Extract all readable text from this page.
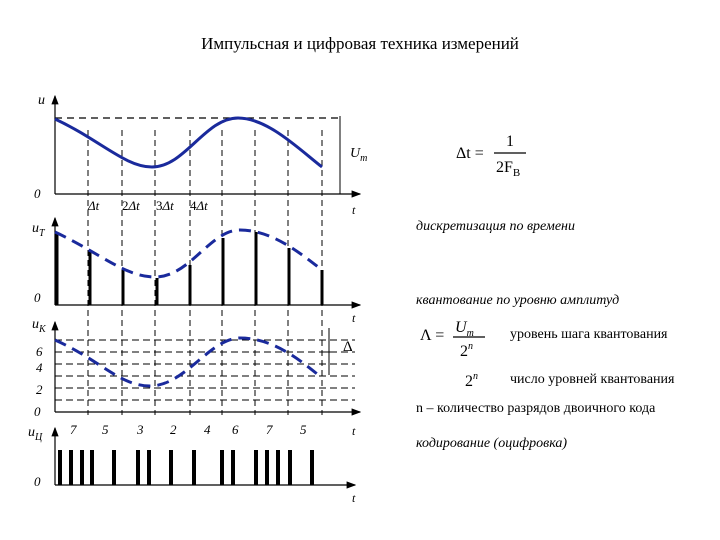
Импульсная и цифровая техника измерений
u
0
t
$U_m$
Δt 2Δt 3Δt 4Δt
$u_T$
0
t
$u_K$
0
6
4
2
Δ
$u_Ц$
0
t
t
7 5 3 2 4 6 7 5
Δt =
1
$2F_B$
$\Lambda = U_m$
2$^n$
2$^n$
дискретизация по времени
квантование по уровню амплитуд
уровень шага квантования
число уровней квантования
n – количество разрядов двоичного кода
кодирование (оцифровка)
